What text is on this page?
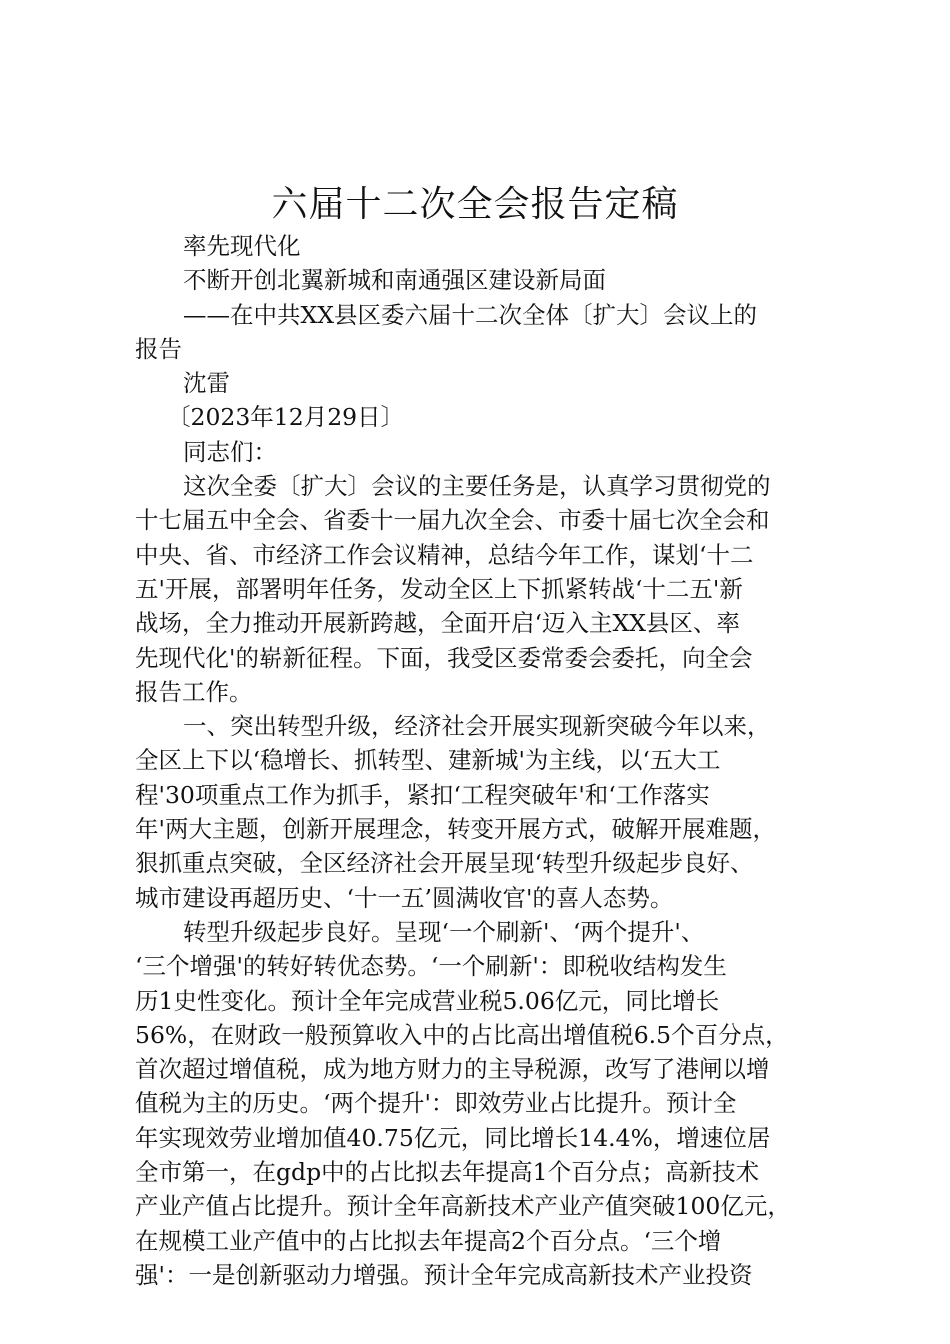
六届十二次全会报告定稿
率先现代化
不断开创北翼新城和南通强区建设新局面
——在中共XX县区委六届十二次全体〔扩大〕会议上的
报告
沈雷
〔2023年12月29日〕
同志们：
这次全委〔扩大〕会议的主要任务是，认真学习贯彻党的
十七届五中全会、省委十一届九次全会、市委十届七次全会和
中央、省、市经济工作会议精神，总结今年工作，谋划‘十二
五'开展，部署明年任务，发动全区上下抓紧转战‘十二五'新
战场，全力推动开展新跨越，全面开启‘迈入主XX县区、率
先现代化'的崭新征程。下面，我受区委常委会委托，向全会
报告工作。
一、突出转型升级，经济社会开展实现新突破今年以来，
全区上下以‘稳增长、抓转型、建新城'为主线，以‘五大工
程'30项重点工作为抓手，紧扣‘工程突破年'和‘工作落实
年'两大主题，创新开展理念，转变开展方式，破解开展难题，
狠抓重点突破，全区经济社会开展呈现‘转型升级起步良好、
城市建设再超历史、‘十一五’圆满收官'的喜人态势。
转型升级起步良好。呈现‘一个刷新'、‘两个提升'、
‘三个增强'的转好转优态势。‘一个刷新'：即税收结构发生
历1史性变化。预计全年完成营业税5.06亿元，同比增长
56%，在财政一般预算收入中的占比高出增值税6.5个百分点，
首次超过增值税，成为地方财力的主导税源，改写了港闸以增
值税为主的历史。‘两个提升'：即效劳业占比提升。预计全
年实现效劳业增加值40.75亿元，同比增长14.4%，增速位居
全市第一，在gdp中的占比拟去年提高1个百分点；高新技术
产业产值占比提升。预计全年高新技术产业产值突破100亿元，
在规模工业产值中的占比拟去年提高2个百分点。‘三个增
强'：一是创新驱动力增强。预计全年完成高新技术产业投资
